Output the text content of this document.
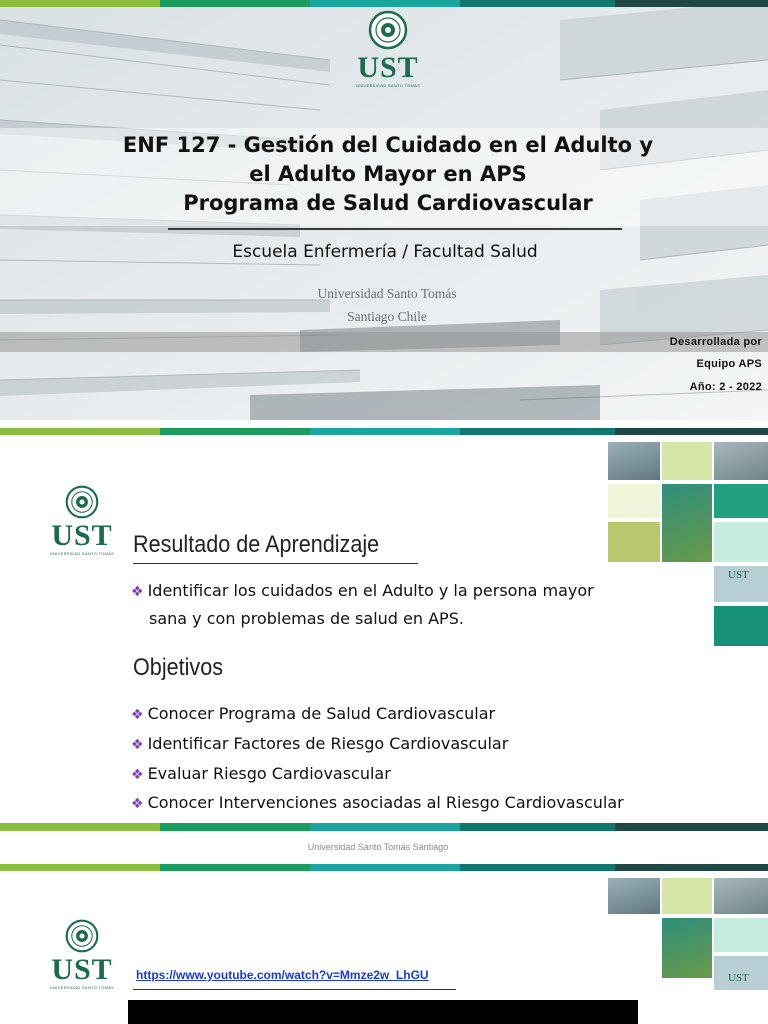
UST
UNIVERSIDAD SANTO TOMÁS
ENF 127 - Gestión del Cuidado en el Adulto y
el Adulto Mayor en APS
Programa de Salud Cardiovascular
Escuela Enfermería / Facultad Salud
Universidad Santo Tomás
Santiago Chile
Desarrollada por
Equipo APS
Año: 2 - 2022
UST
UST
UNIVERSIDAD SANTO TOMÁS Resultado de Aprendizaje
❖ Identificar los cuidados en el Adulto y la persona mayor
sana y con problemas de salud en APS.
Objetivos
❖ Conocer Programa de Salud Cardiovascular
❖ Identificar Factores de Riesgo Cardiovascular
❖ Evaluar Riesgo Cardiovascular
❖ Conocer Intervenciones asociadas al Riesgo Cardiovascular
Universidad Santo Tomás Santiago
UST
UST
UNIVERSIDAD SANTO TOMÁS
https://www.youtube.com/watch?v=Mmze2w_LhGU
